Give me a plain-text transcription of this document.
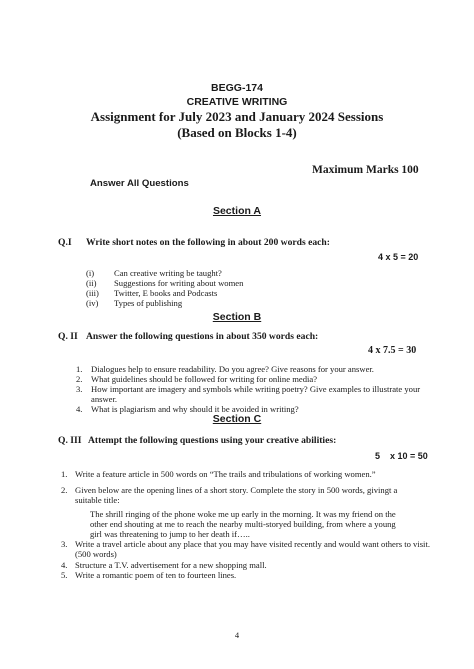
BEGG-174
CREATIVE WRITING
Assignment for July 2023 and January 2024 Sessions
(Based on Blocks 1-4)
Maximum Marks 100
Answer All Questions
Section A
Q.I Write short notes on the following in about 200 words each:
4 x 5 = 20
(i) Can creative writing be taught?
(ii) Suggestions for writing about women
(iii) Twitter, E books and Podcasts
(iv) Types of publishing
Section B
Q. II Answer the following questions in about 350 words each:
4 x 7.5 = 30
1. Dialogues help to ensure readability. Do you agree? Give reasons for your answer.
2. What guidelines should be followed for writing for online media?
3. How important are imagery and symbols while writing poetry? Give examples to illustrate your
answer.
4. What is plagiarism and why should it be avoided in writing?
Section C
Q. III Attempt the following questions using your creative abilities:
5 x 10 = 50
1. Write a feature article in 500 words on “The trails and tribulations of working women.”
2. Given below are the opening lines of a short story. Complete the story in 500 words, givingt a
suitable title:
The shrill ringing of the phone woke me up early in the morning. It was my friend on the
other end shouting at me to reach the nearby multi-storyed building, from where a young
girl was threatening to jump to her death if…..
3. Write a travel article about any place that you may have visited recently and would want others to visit.
(500 words)
4. Structure a T.V. advertisement for a new shopping mall.
5. Write a romantic poem of ten to fourteen lines.
4
